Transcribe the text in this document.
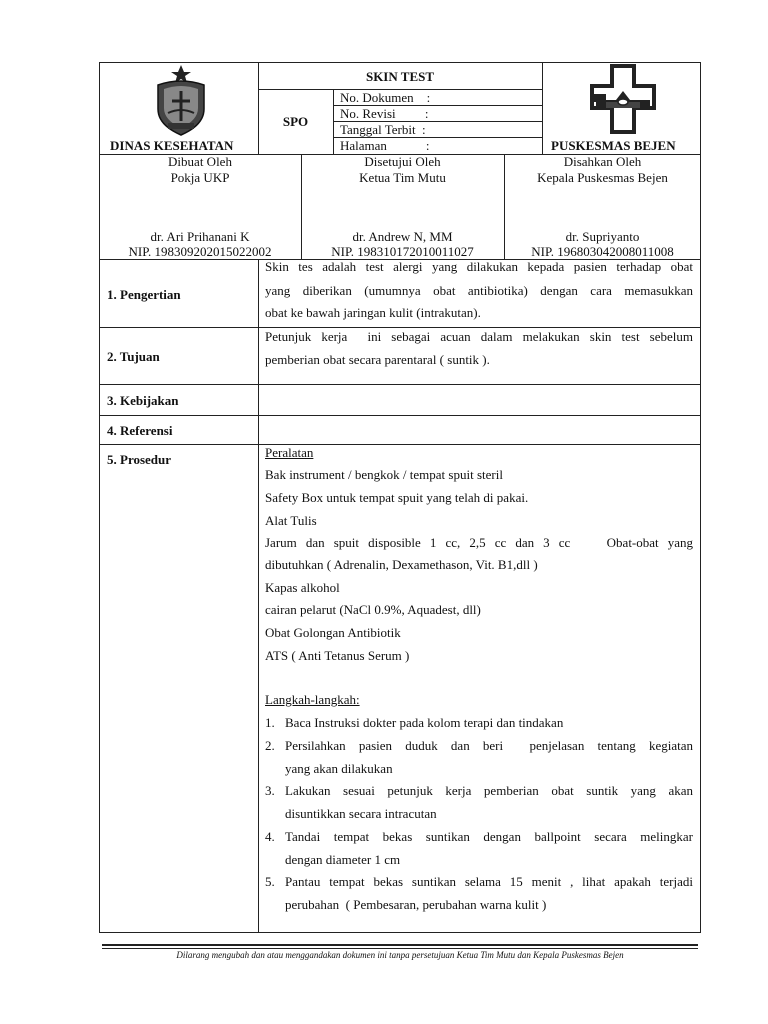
DINAS KESEHATAN
SKIN TEST
SPO
No. Dokumen    :
No. Revisi         :
Tanggal Terbit  :
Halaman            :	PUSKESMAS BEJEN
Dibuat Oleh
Pokja UKP
dr. Ari Prihanani K
NIP. 198309202015022002
Disetujui Oleh
Ketua Tim Mutu
dr. Andrew N, MM
NIP. 198310172010011027
Disahkan Oleh
Kepala Puskesmas Bejen
dr. Supriyanto
NIP. 196803042008011008
1. Pengertian
2. Tujuan
3. Kebijakan
4. Referensi
5. Prosedur
Skin tes adalah test alergi yang dilakukan kepada pasien terhadap obat
yang diberikan (umumnya obat antibiotika) dengan cara memasukkan
obat ke bawah jaringan kulit (intrakutan).
Petunjuk kerja  ini sebagai acuan dalam melakukan skin test sebelum
pemberian obat secara parentaral ( suntik ).
Peralatan
Bak instrument / bengkok / tempat spuit steril
Safety Box untuk tempat spuit yang telah di pakai.
Alat Tulis
Jarum dan spuit disposible 1 cc, 2,5 cc dan 3 cc    Obat-obat yang
dibutuhkan ( Adrenalin, Dexamethason, Vit. B1,dll )
Kapas alkohol
cairan pelarut (NaCl 0.9%, Aquadest, dll)
Obat Golongan Antibiotik
ATS ( Anti Tetanus Serum )
Langkah-langkah:
1. Baca Instruksi dokter pada kolom terapi dan tindakan
2. Persilahkan pasien duduk dan beri  penjelasan tentang kegiatan
yang akan dilakukan
3. Lakukan sesuai petunjuk kerja pemberian obat suntik yang akan
disuntikkan secara intracutan
4. Tandai tempat bekas suntikan dengan ballpoint secara melingkar
dengan diameter 1 cm
5. Pantau tempat bekas suntikan selama 15 menit , lihat apakah terjadi
perubahan  ( Pembesaran, perubahan warna kulit )
Dilarang mengubah dan atau menggandakan dokumen ini tanpa persetujuan Ketua Tim Mutu dan Kepala Puskesmas Bejen
